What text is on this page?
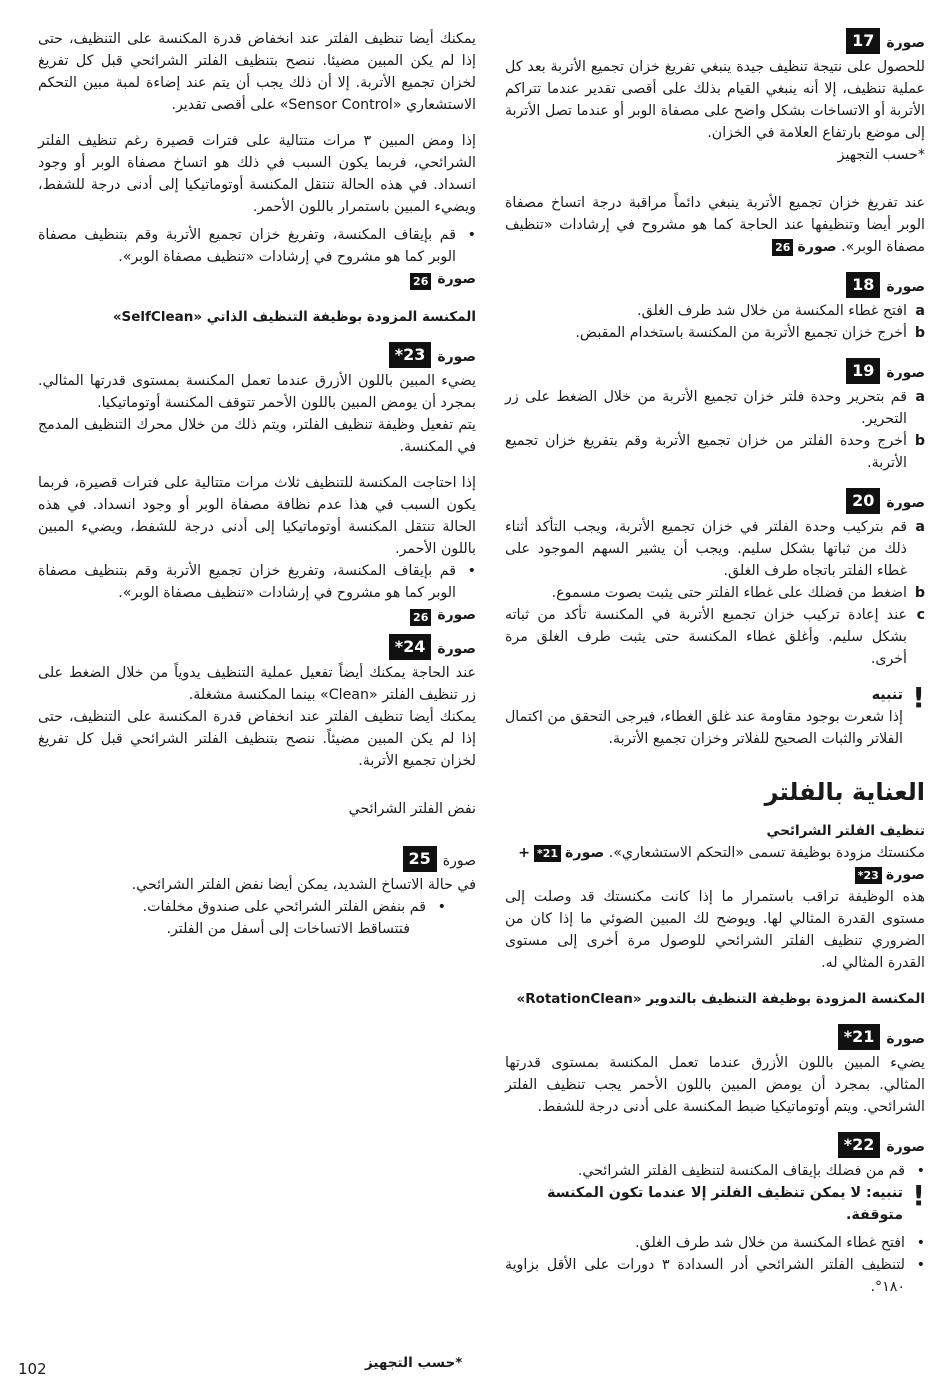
صورة
17

للحصول على نتيجة تنظيف جيدة ينبغي تفريغ خزان تجميع الأتربة بعد كل عملية تنظيف، إلا أنه ينبغي القيام بذلك على أقصى تقدير عندما تتراكم الأتربة أو الاتساخات بشكل واضح على مصفاة الوبر أو عندما تصل الأتربة إلى موضع بارتفاع العلامة في الخزان.

*حسب التجهيز

عند تفريغ خزان تجميع الأتربة ينبغي دائماً مراقبة درجة اتساخ مصفاة الوبر أيضا وتنظيفها عند الحاجة كما هو مشروح في إرشادات «تنظيف مصفاة الوبر».
صورة
26

صورة
18
a
افتح غطاء المكنسة من خلال شد طرف الغلق.
b
أخرج خزان تجميع الأتربة من المكنسة باستخدام المقبض.
صورة
19
a
قم بتحرير وحدة فلتر خزان تجميع الأتربة من خلال الضغط على زر التحرير.
b
أخرج وحدة الفلتر من خزان تجميع الأتربة وقم بتفريغ خزان تجميع الأتربة.
صورة
20
a
قم بتركيب وحدة الفلتر في خزان تجميع الأتربة، ويجب التأكد أثناء ذلك من ثباتها بشكل سليم. ويجب أن يشير السهم الموجود على غطاء الفلتر باتجاه طرف الغلق.
b
اضغط من فضلك على غطاء الفلتر حتى يثبت بصوت مسموع.
c
عند إعادة تركيب خزان تجميع الأتربة في المكنسة تأكد من ثباته بشكل سليم. وأغلق غطاء المكنسة حتى يثبت طرف الغلق مرة أخرى.
!
تنبيه

إذا شعرت بوجود مقاومة عند غلق الغطاء، فيرجى التحقق من اكتمال الفلاتر والثبات الصحيح للفلاتر وخزان تجميع الأتربة.

العناية بالفلتر
تنظيف الفلتر الشرائحي

مكنستك مزودة بوظيفة تسمى «التحكم الاستشعاري».
صورة
21*
+

صورة
23*

هذه الوظيفة تراقب باستمرار ما إذا كانت مكنستك قد وصلت إلى مستوى القدرة المثالي لها. ويوضح لك المبين الضوئي ما إذا كان من الضروري تنظيف الفلتر الشرائحي للوصول مرة أخرى إلى مستوى القدرة المثالي له.

المكنسة المزودة بوظيفة التنظيف بالتدوير «RotationClean»
صورة
21*

يضيء المبين باللون الأزرق عندما تعمل المكنسة بمستوى قدرتها المثالي. بمجرد أن يومض المبين باللون الأحمر يجب تنظيف الفلتر الشرائحي. ويتم أوتوماتيكيا ضبط المكنسة على أدنى درجة للشفط.

صورة
22*
•
قم من فضلك بإيقاف المكنسة لتنظيف الفلتر الشرائحي.
!
تنبيه: لا يمكن تنظيف الفلتر إلا عندما تكون المكنسة متوقفة.
•
افتح غطاء المكنسة من خلال شد طرف الغلق.
•
لتنظيف الفلتر الشرائحي أدر السدادة ٣ دورات على الأقل بزاوية ١٨٠°.

يمكنك أيضا تنظيف الفلتر عند انخفاض قدرة المكنسة على التنظيف، حتى إذا لم يكن المبين مضيئا. ننصح بتنظيف الفلتر الشرائحي قبل كل تفريغ لخزان تجميع الأتربة. إلا أن ذلك يجب أن يتم عند إضاءة لمبة مبين التحكم الاستشعاري «Sensor Control» على أقصى تقدير.

إذا ومض المبين ٣ مرات متتالية على فترات قصيرة رغم تنظيف الفلتر الشرائحي، فربما يكون السبب في ذلك هو اتساخ مصفاة الوبر أو وجود انسداد. في هذه الحالة تنتقل المكنسة أوتوماتيكيا إلى أدنى درجة للشفط، ويضيء المبين باستمرار باللون الأحمر.

•
قم بإيقاف المكنسة، وتفريغ خزان تجميع الأتربة وقم بتنظيف مصفاة الوبر كما هو مشروح في إرشادات «تنظيف مصفاة الوبر».
صورة
26
المكنسة المزودة بوظيفة التنظيف الذاتي «SelfClean»
صورة
23*

يضيء المبين باللون الأزرق عندما تعمل المكنسة بمستوى قدرتها المثالي. بمجرد أن يومض المبين باللون الأحمر تتوقف المكنسة أوتوماتيكيا.

يتم تفعيل وظيفة تنظيف الفلتر، ويتم ذلك من خلال محرك التنظيف المدمج في المكنسة.

إذا احتاجت المكنسة للتنظيف ثلاث مرات متتالية على فترات قصيرة، فربما يكون السبب في هذا عدم نظافة مصفاة الوبر أو وجود انسداد. في هذه الحالة تنتقل المكنسة أوتوماتيكيا إلى أدنى درجة للشفط، ويضيء المبين باللون الأحمر.

•
قم بإيقاف المكنسة، وتفريغ خزان تجميع الأتربة وقم بتنظيف مصفاة الوبر كما هو مشروح في إرشادات «تنظيف مصفاة الوبر».
صورة
26
صورة
24*

عند الحاجة يمكنك أيضاً تفعيل عملية التنظيف يدوياً من خلال الضغط على زر تنظيف الفلتر «Clean» بينما المكنسة مشغلة.

يمكنك أيضا تنظيف الفلتر عند انخفاض قدرة المكنسة على التنظيف، حتى إذا لم يكن المبين مضيئاً. ننصح بتنظيف الفلتر الشرائحي قبل كل تفريغ لخزان تجميع الأتربة.

نفض الفلتر الشرائحي

صورة
25

في حالة الاتساخ الشديد، يمكن أيضا نفض الفلتر الشرائحي.

•
قم بنفض الفلتر الشرائحي على صندوق مخلفات.

فتتساقط الاتساخات إلى أسفل من الفلتر.

*حسب التجهيز
102
